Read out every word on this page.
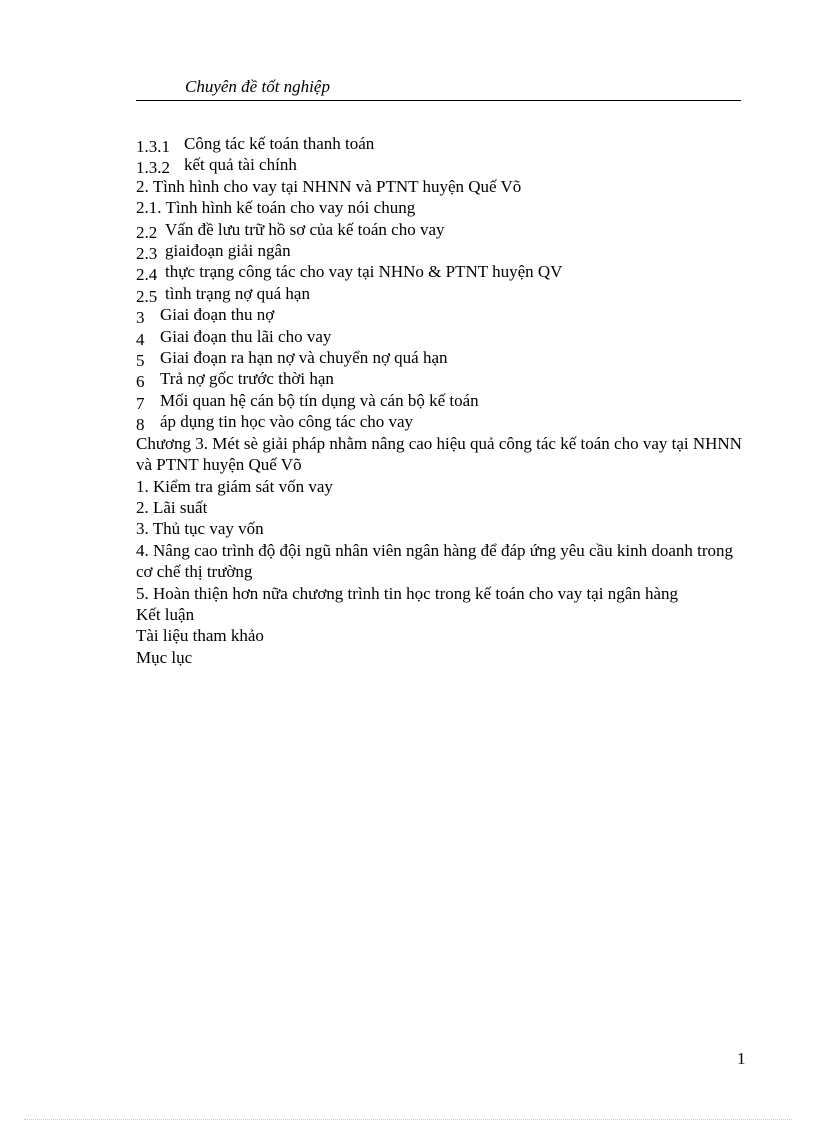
Chuyên đề tốt nghiệp
1.3.1 Công tác kế toán thanh toán
1.3.2 kết quả tài chính
2. Tình hình cho vay tại NHNN và PTNT huyện Quế Võ
2.1. Tình hình kế toán cho vay nói chung
2.2 Vấn đề lưu trữ hồ sơ của kế toán cho vay
2.3 giaiđoạn giải ngân
2.4 thực trạng công tác cho vay tại NHNo & PTNT huyện QV
2.5 tình trạng nợ quá hạn
3 Giai đoạn thu nợ
4 Giai đoạn thu lãi cho vay
5 Giai đoạn ra hạn nợ và chuyển nợ quá hạn
6 Trả nợ gốc trước thời hạn
7 Mối quan hệ cán bộ tín dụng và cán bộ kế toán
8 áp dụng tin học vào công tác cho vay
Chương 3. Mét sè giải pháp nhằm nâng cao hiệu quả công tác kế toán cho vay tại NHNN và PTNT huyện Quế Võ
1. Kiểm tra giám sát vốn vay
2. Lãi suất
3. Thủ tục vay vốn
4. Nâng cao trình độ đội ngũ nhân viên ngân hàng để đáp ứng yêu cầu kinh doanh trong cơ chế thị trường
5. Hoàn thiện hơn nữa chương trình tin học trong kế toán cho vay tại ngân hàng
Kết luận
Tài liệu tham khảo
Mục lục
1
